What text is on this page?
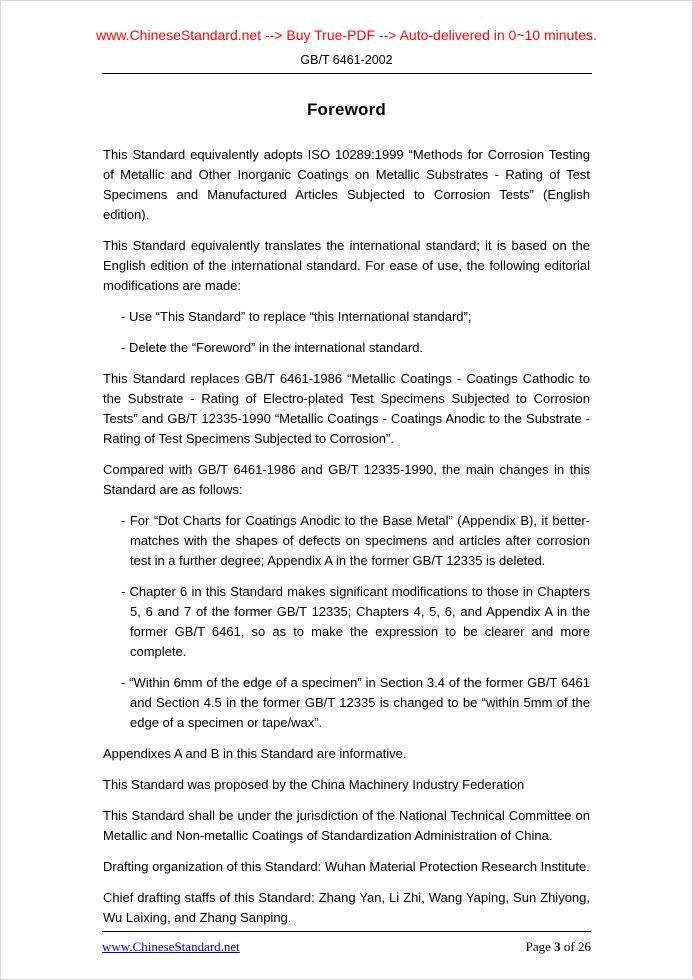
www.ChineseStandard.net --> Buy True-PDF --> Auto-delivered in 0~10 minutes.
GB/T 6461-2002
Foreword

This Standard equivalently adopts ISO 10289:1999 “Methods for Corrosion Testing of Metallic and Other Inorganic Coatings on Metallic Substrates - Rating of Test Specimens and Manufactured Articles Subjected to Corrosion Tests” (English edition).

This Standard equivalently translates the international standard; it is based on the English edition of the international standard. For ease of use, the following editorial modifications are made:

- Use “This Standard” to replace “this International standard”;

- Delete the “Foreword” in the international standard.

This Standard replaces GB/T 6461-1986 “Metallic Coatings - Coatings Cathodic to the Substrate - Rating of Electro-plated Test Specimens Subjected to Corrosion Tests” and GB/T 12335-1990 “Metallic Coatings - Coatings Anodic to the Substrate - Rating of Test Specimens Subjected to Corrosion”.

Compared with GB/T 6461-1986 and GB/T 12335-1990, the main changes in this Standard are as follows:

- For “Dot Charts for Coatings Anodic to the Base Metal” (Appendix B), it better-matches with the shapes of defects on specimens and articles after corrosion test in a further degree; Appendix A in the former GB/T 12335 is deleted.

- Chapter 6 in this Standard makes significant modifications to those in Chapters 5, 6 and 7 of the former GB/T 12335; Chapters 4, 5, 6, and Appendix A in the former GB/T 6461, so as to make the expression to be clearer and more complete.

- “Within 6mm of the edge of a specimen” in Section 3.4 of the former GB/T 6461 and Section 4.5 in the former GB/T 12335 is changed to be “within 5mm of the edge of a specimen or tape/wax”.

Appendixes A and B in this Standard are informative.

This Standard was proposed by the China Machinery Industry Federation

This Standard shall be under the jurisdiction of the National Technical Committee on Metallic and Non-metallic Coatings of Standardization Administration of China.

Drafting organization of this Standard: Wuhan Material Protection Research Institute.

Chief drafting staffs of this Standard: Zhang Yan, Li Zhi, Wang Yaping, Sun Zhiyong, Wu Laixing, and Zhang Sanping.

www.ChineseStandard.net	Page 3 of 26
